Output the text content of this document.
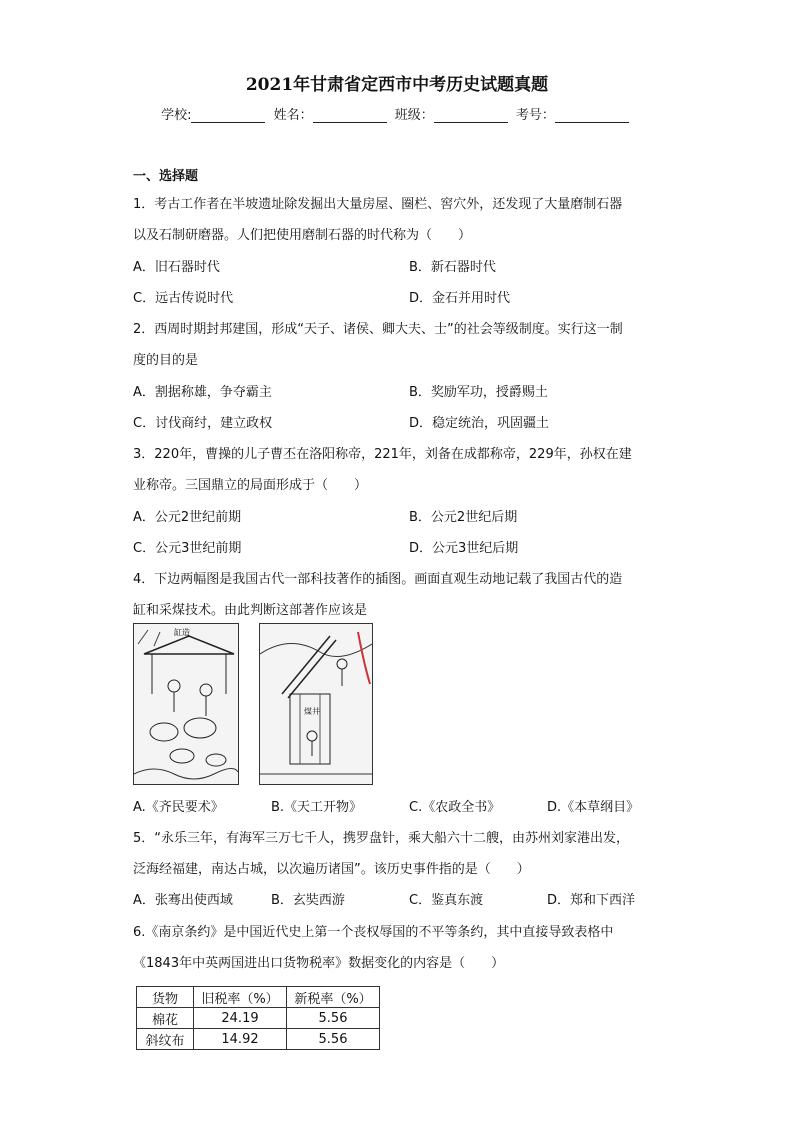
2021年甘肃省定西市中考历史试题真题
学校:	姓名：	班级：	考号：
一、选择题
1．考古工作者在半坡遗址除发掘出大量房屋、圈栏、窖穴外，还发现了大量磨制石器
以及石制研磨器。人们把使用磨制石器的时代称为（　　）
A．旧石器时代	B．新石器时代
C．远古传说时代	D．金石并用时代
2．西周时期封邦建国，形成“天子、诸侯、卿大夫、士”的社会等级制度。实行这一制
度的目的是
A．割据称雄，争夺霸主	B．奖励军功，授爵赐土
C．讨伐商纣，建立政权	D．稳定统治，巩固疆土
3．220年，曹操的儿子曹丕在洛阳称帝，221年，刘备在成都称帝，229年，孙权在建
业称帝。三国鼎立的局面形成于（　　）
A．公元2世纪前期	B．公元2世纪后期
C．公元3世纪前期	D．公元3世纪后期
4．下边两幅图是我国古代一部科技著作的插图。画面直观生动地记载了我国古代的造
缸和采煤技术。由此判断这部著作应该是
缸造
煤井
A.《齐民要术》	B.《天工开物》	C.《农政全书》	D.《本草纲目》
5．“永乐三年，有海军三万七千人，携罗盘针，乘大船六十二艘，由苏州刘家港出发，
泛海经福建，南达占城，以次遍历诸国”。该历史事件指的是（　　）
A．张骞出使西域	B．玄奘西游	C．鉴真东渡	D．郑和下西洋
6.《南京条约》是中国近代史上第一个丧权辱国的不平等条约，其中直接导致表格中
《1843年中英两国进出口货物税率》数据变化的内容是（　　）
货物	旧税率（%）	新税率（%）
棉花	24.19	5.56
斜纹布	14.92	5.56
